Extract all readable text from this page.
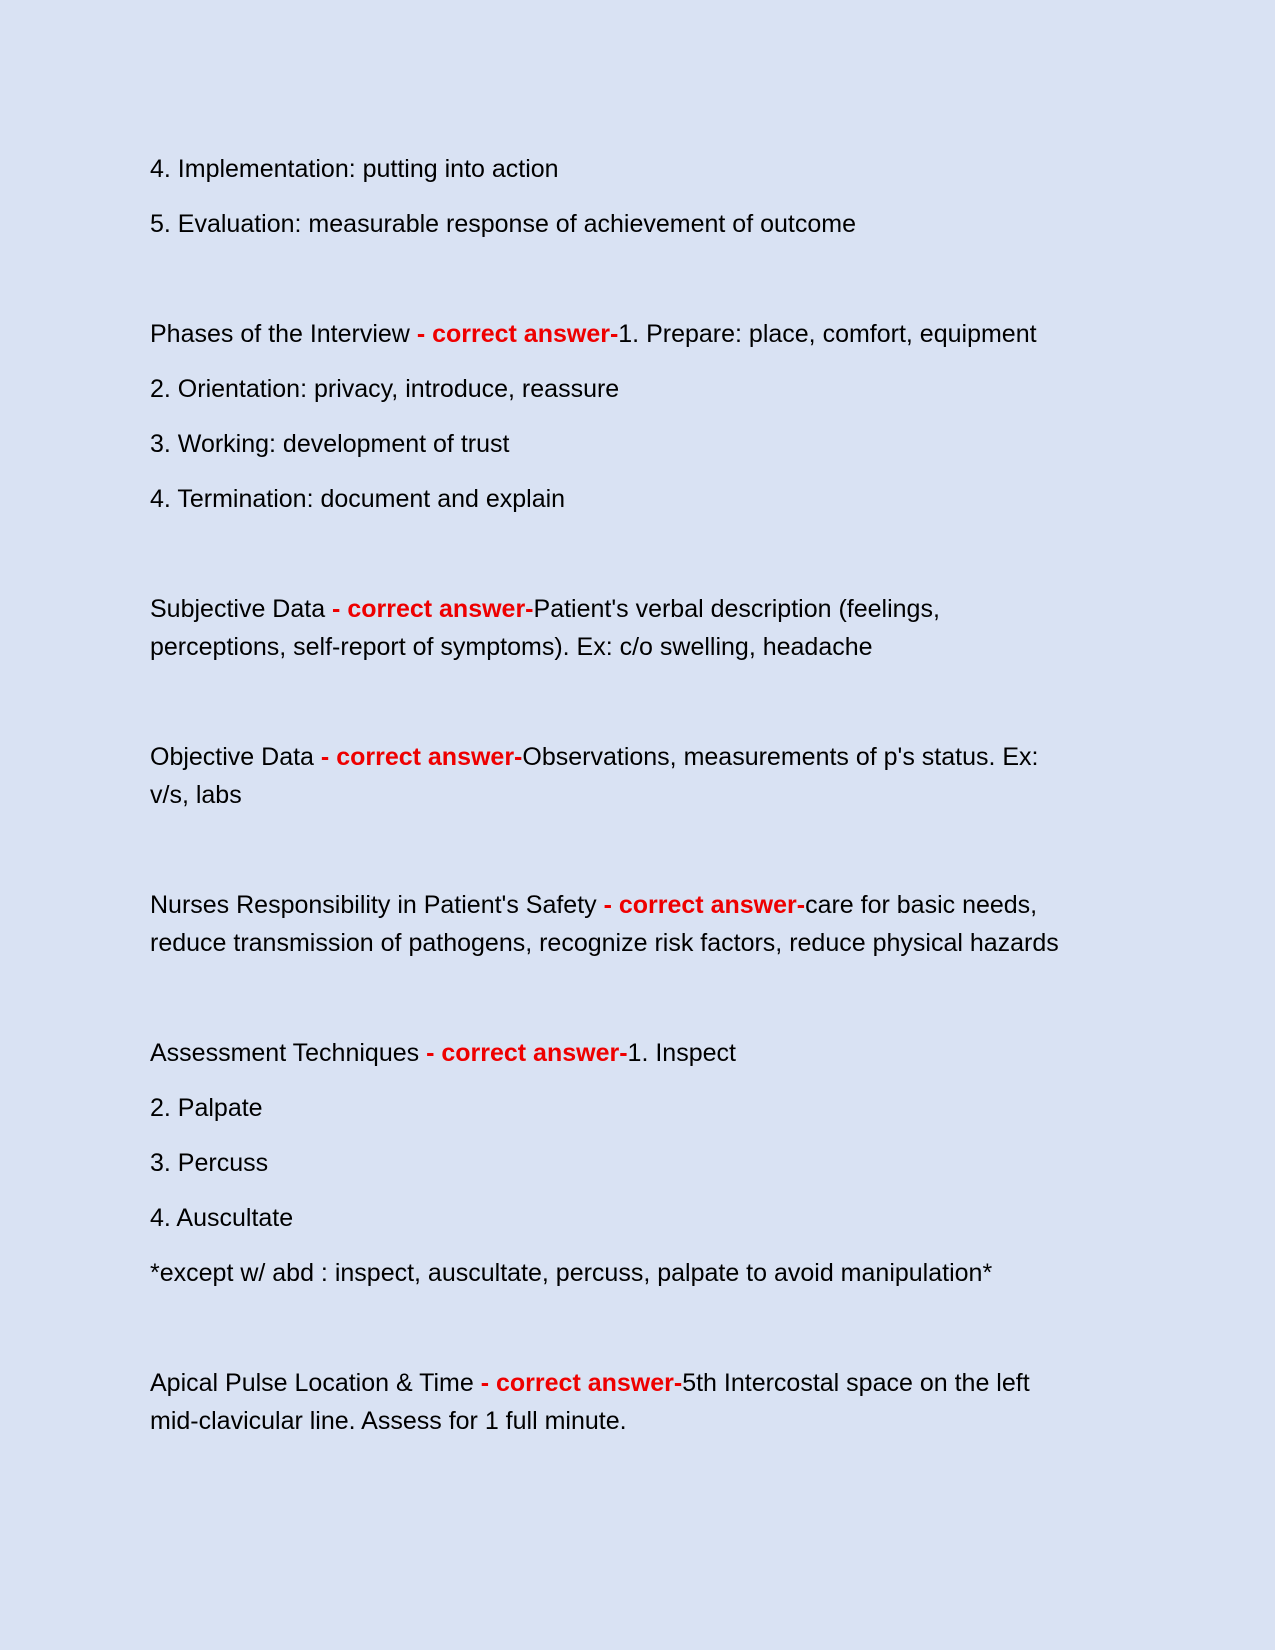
4. Implementation: putting into action
5. Evaluation: measurable response of achievement of outcome
Phases of the Interview - correct answer-1. Prepare: place, comfort, equipment
2. Orientation: privacy, introduce, reassure
3. Working: development of trust
4. Termination: document and explain
Subjective Data - correct answer-Patient's verbal description (feelings,
perceptions, self-report of symptoms). Ex: c/o swelling, headache
Objective Data - correct answer-Observations, measurements of p's status. Ex:
v/s, labs
Nurses Responsibility in Patient's Safety - correct answer-care for basic needs,
reduce transmission of pathogens, recognize risk factors, reduce physical hazards
Assessment Techniques - correct answer-1. Inspect
2. Palpate
3. Percuss
4. Auscultate
*except w/ abd : inspect, auscultate, percuss, palpate to avoid manipulation*
Apical Pulse Location & Time - correct answer-5th Intercostal space on the left
mid-clavicular line. Assess for 1 full minute.
